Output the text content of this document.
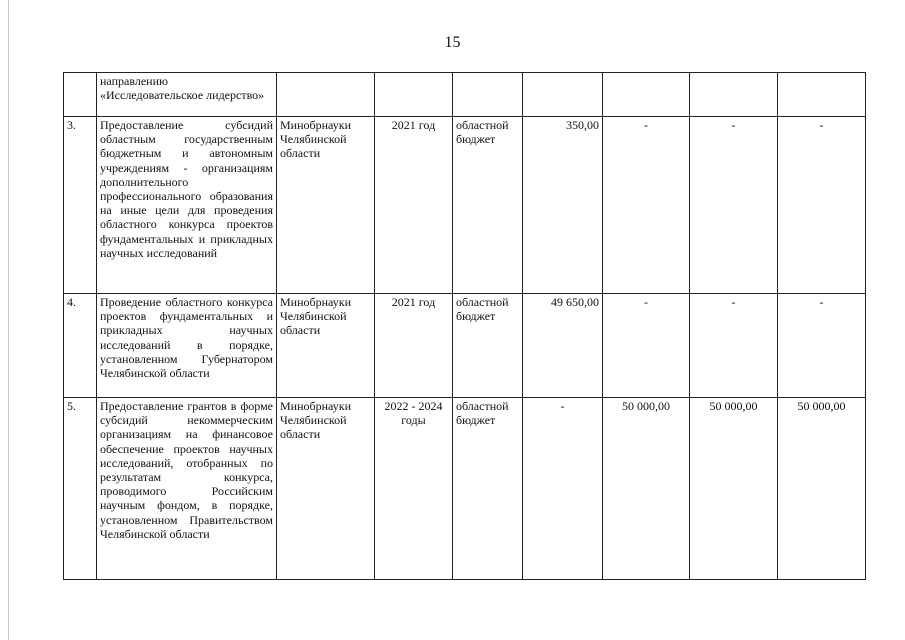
15
	направлению «Исследовательское лидерство»							
3.	Предоставление субсидий областным государственным бюджетным и автономным учреждениям - организациям дополнительного профессионального образования на иные цели для проведения областного конкурса проектов фундаментальных и прикладных научных исследований	Минобрнауки Челябинской области	2021 год	областной бюджет	350,00	-	-	-
4.	Проведение областного конкурса проектов фундаментальных и прикладных научных исследований в порядке, установленном Губернатором Челябинской области	Минобрнауки Челябинской области	2021 год	областной бюджет	49 650,00	-	-	-
5.	Предоставление грантов в форме субсидий некоммерческим организациям на финансовое обеспечение проектов научных исследований, отобранных по результатам конкурса, проводимого Российским научным фондом, в порядке, установленном Правительством Челябинской области	Минобрнауки Челябинской области	2022 - 2024 годы	областной бюджет	-	50 000,00	50 000,00	50 000,00
